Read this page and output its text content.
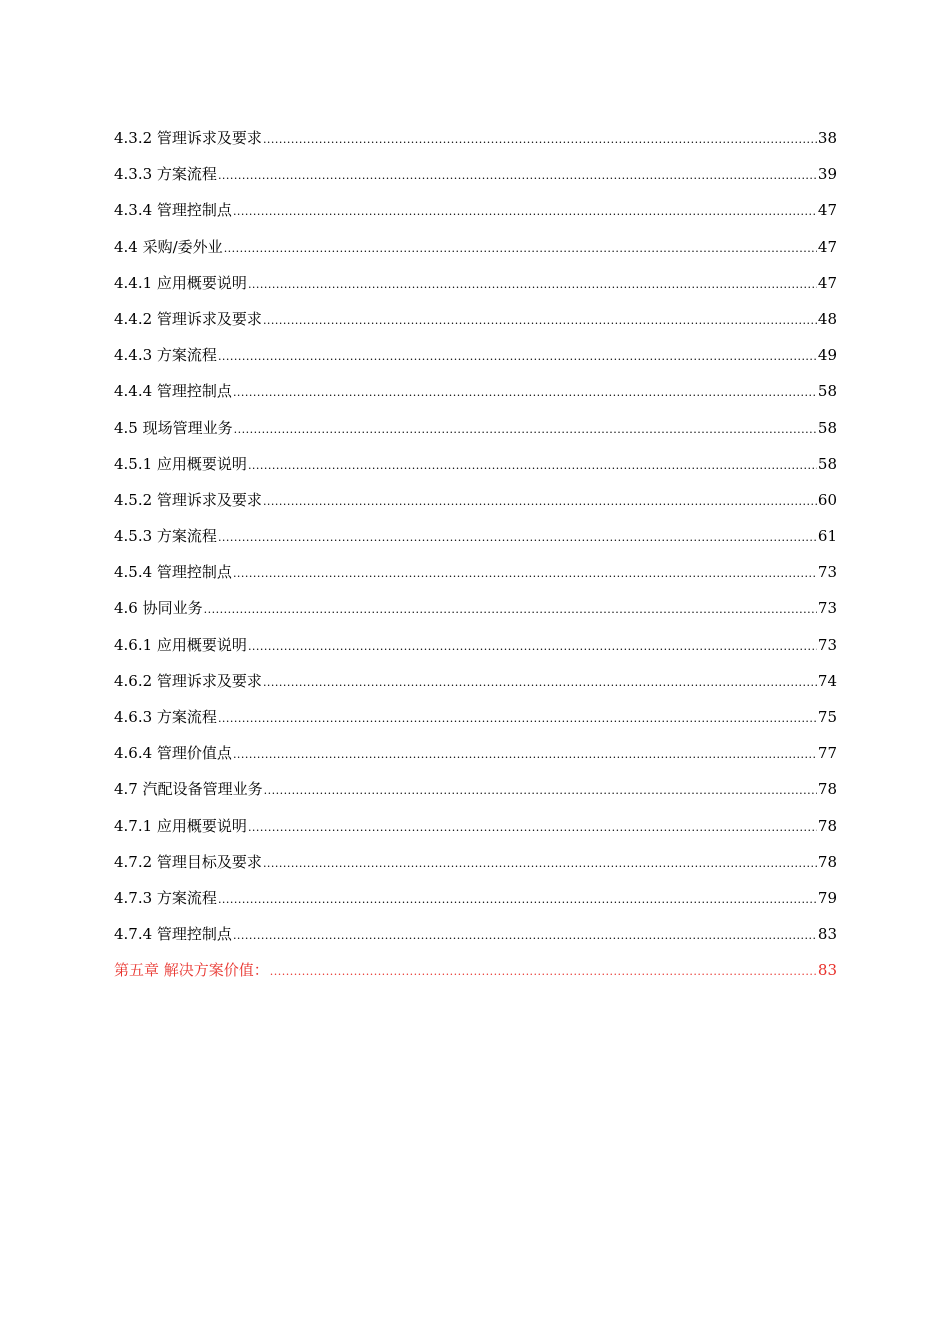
4.3.2 管理诉求及要求 .....	38
4.3.3 方案流程 .....	39
4.3.4 管理控制点 .....	47
4.4 采购/委外业 .....	47
4.4.1 应用概要说明 .....	47
4.4.2 管理诉求及要求 .....	48
4.4.3 方案流程 .....	49
4.4.4 管理控制点 .....	58
4.5 现场管理业务 .....	58
4.5.1 应用概要说明 .....	58
4.5.2 管理诉求及要求 .....	60
4.5.3 方案流程 .....	61
4.5.4 管理控制点 .....	73
4.6 协同业务 .....	73
4.6.1 应用概要说明 .....	73
4.6.2 管理诉求及要求 .....	74
4.6.3 方案流程 .....	75
4.6.4 管理价值点 .....	77
4.7 汽配设备管理业务 .....	78
4.7.1 应用概要说明 .....	78
4.7.2 管理目标及要求 .....	78
4.7.3 方案流程 .....	79
4.7.4 管理控制点 .....	83
第五章 解决方案价值： .....	83
